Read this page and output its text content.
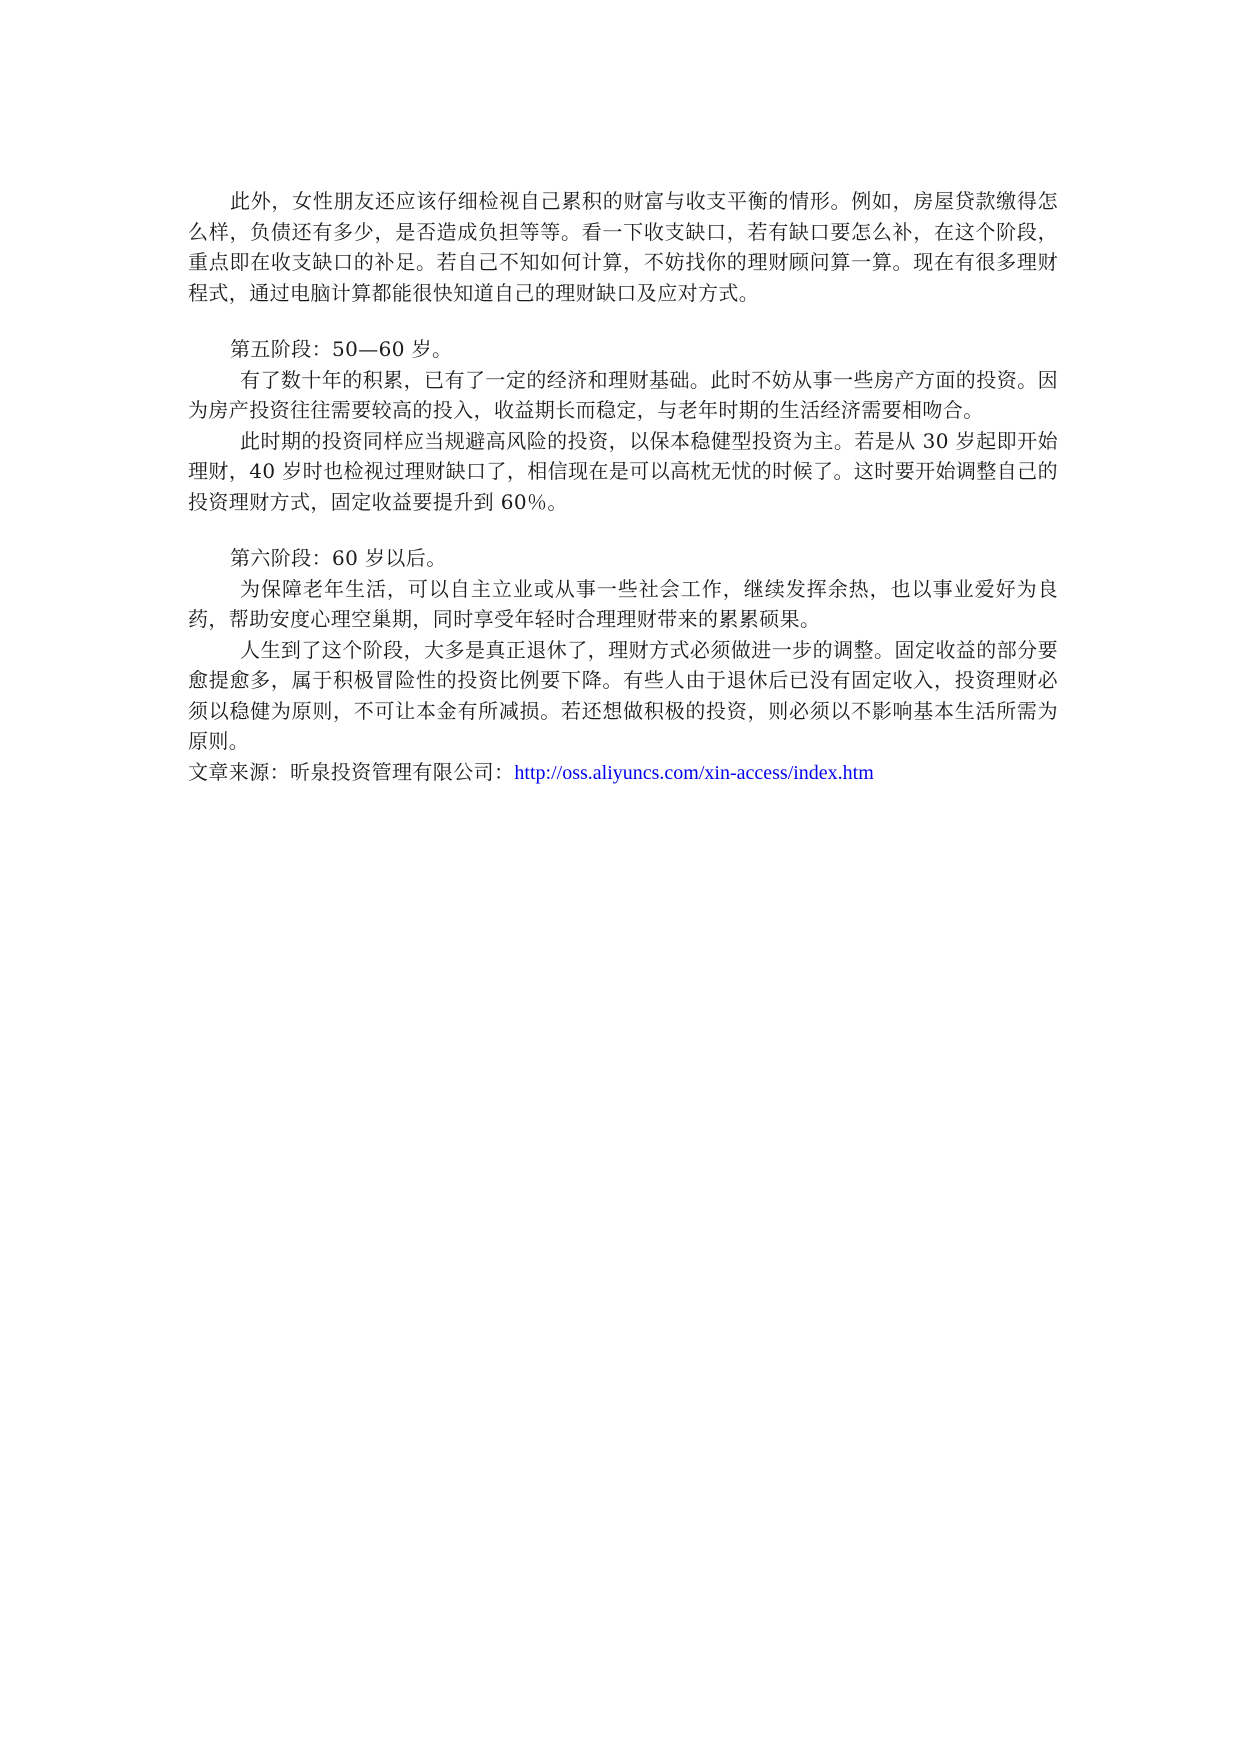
此外，女性朋友还应该仔细检视自己累积的财富与收支平衡的情形。例如，房屋贷款缴得怎么样，负债还有多少，是否造成负担等等。看一下收支缺口，若有缺口要怎么补，在这个阶段，重点即在收支缺口的补足。若自己不知如何计算，不妨找你的理财顾问算一算。现在有很多理财程式，通过电脑计算都能很快知道自己的理财缺口及应对方式。

第五阶段：50—60 岁。

有了数十年的积累，已有了一定的经济和理财基础。此时不妨从事一些房产方面的投资。因为房产投资往往需要较高的投入，收益期长而稳定，与老年时期的生活经济需要相吻合。

此时期的投资同样应当规避高风险的投资，以保本稳健型投资为主。若是从 30 岁起即开始理财，40 岁时也检视过理财缺口了，相信现在是可以高枕无忧的时候了。这时要开始调整自己的投资理财方式，固定收益要提升到 60％。

第六阶段：60 岁以后。

为保障老年生活，可以自主立业或从事一些社会工作，继续发挥余热，也以事业爱好为良药，帮助安度心理空巢期，同时享受年轻时合理理财带来的累累硕果。

人生到了这个阶段，大多是真正退休了，理财方式必须做进一步的调整。固定收益的部分要愈提愈多，属于积极冒险性的投资比例要下降。有些人由于退休后已没有固定收入，投资理财必须以稳健为原则，不可让本金有所减损。若还想做积极的投资，则必须以不影响基本生活所需为原则。

文章来源：昕泉投资管理有限公司：http://oss.aliyuncs.com/xin-access/index.htm
